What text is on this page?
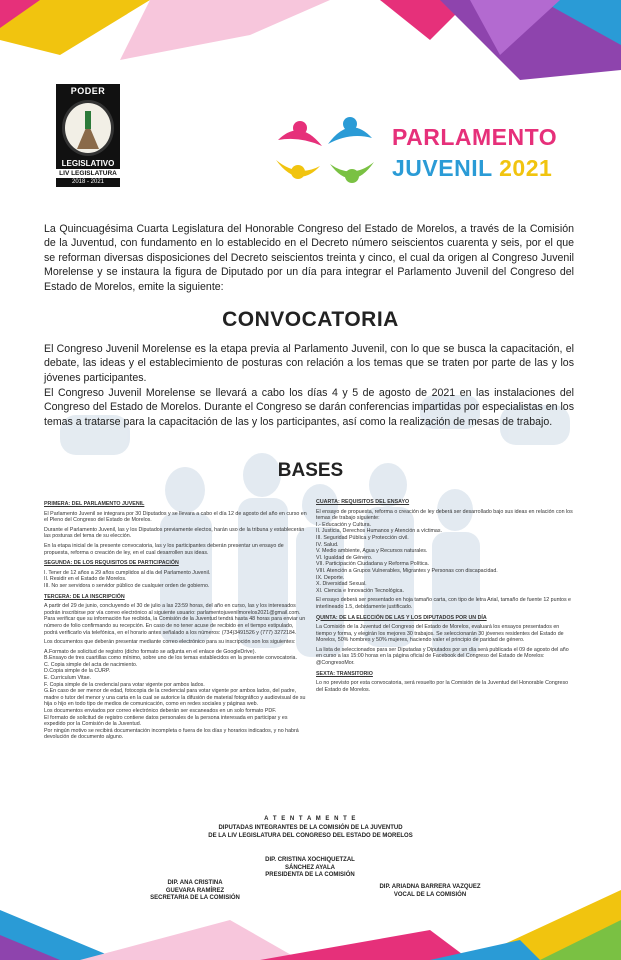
PODER
LEGISLATIVO
LIV LEGISLATURA
2018 - 2021
PARLAMENTO
JUVENIL 2021
La Quincuagésima Cuarta Legislatura del Honorable Congreso del Estado de Morelos, a través de la Comisión de la Juventud, con fundamento en lo establecido en el Decreto número seiscientos cuarenta y seis, por el que se reforman diversas disposiciones del Decreto seiscientos treinta y cinco, el cual da origen al Congreso Juvenil Morelense y se instaura la figura de Diputado por un día para integrar el Parlamento Juvenil del Congreso del Estado de Morelos, emite la siguiente:
CONVOCATORIA
El Congreso Juvenil Morelense es la etapa previa al Parlamento Juvenil, con lo que se busca la capacitación, el debate, las ideas y el establecimiento de posturas con relación a los temas que se traten por parte de las y los jóvenes participantes.
El Congreso Juvenil Morelense se llevará a cabo los días 4 y 5 de agosto de 2021 en las instalaciones del Congreso del Estado de Morelos. Durante el Congreso se darán conferencias impartidas por especialistas en los temas a tratarse para la capacitación de las y los participantes, así como la realización de mesas de trabajo.
BASES
PRIMERA: DEL PARLAMENTO JUVENIL
El Parlamento Juvenil se integrara por 30 Diputados y se llevara a cabo el día 12 de agosto del año en curso en el Pleno del Congreso del Estado de Morelos.
Durante el Parlamento Juvenil, las y los Diputados previamente electos, harán uso de la tribuna y establecerán las posturas del tema de su elección.
En la etapa inicial de la presente convocatoria, las y los participantes deberán presentar un ensayo de propuesta, reforma o creación de ley, en el cual desarrollen sus ideas.
SEGUNDA: DE LOS REQUISITOS DE PARTICIPACIÓN
I. Tener de 12 años a 29 años cumplidos al día del Parlamento Juvenil.
II. Residir en el Estado de Morelos.
III. No ser servidora o servidor público de cualquier orden de gobierno.
TERCERA: DE LA INSCRIPCIÓN
A partir del 29 de junio, concluyendo el 30 de julio a las 23:59 horas, del año en curso, las y los interesados podrán inscribirse por vía correo electrónico al siguiente usuario: parlamentojuvenilmorelos2021@gmail.com. Para verificar que su información fue recibida, la Comisión de la Juventud tendrá hasta 48 horas para enviar un número de folio confirmando su recepción. En caso de no tener acuse de recibido en el tiempo estipulado, podrá verificarlo vía telefónica, en el horario antes señalado a los números: (734)3491526 y (777) 3272184.
Los documentos que deberán presentar mediante correo electrónico para su inscripción son los siguientes:
A.Formato de solicitud de registro (dicho formato se adjunta en el enlace de GoogleDrive).
B.Ensayo de tres cuartillas como mínimo, sobre uno de los temas establecidos en la presente convocatoria.
C. Copia simple del acta de nacimiento.
D.Copia simple de la CURP.
E. Curriculum Vitae.
F. Copia simple de la credencial para votar vigente por ambos lados.
G.En caso de ser menor de edad, fotocopia de la credencial para votar vigente por ambos lados, del padre, madre o tutor del menor y una carta en la cual se autorice la difusión de material fotográfico y audiovisual de su hija o hijo en todo tipo de medios de comunicación, como en redes sociales y páginas web.
Los documentos enviados por correo electrónico deberán ser escaneados en un solo formato PDF.
El formato de solicitud de registro contiene datos personales de la persona interesada en participar y es expedido por la Comisión de la Juventud.
Por ningún motivo se recibirá documentación incompleta o fuera de los días y horarios indicados, y no habrá devolución de documento alguno.
CUARTA: REQUISITOS DEL ENSAYO
El ensayo de propuesta, reforma o creación de ley deberá ser desarrollado bajo sus ideas en relación con los temas de trabajo siguiente:
I.- Educación y Cultura.
II. Justicia, Derechos Humanos y Atención a víctimas.
III. Seguridad Pública y Protección civil.
IV. Salud.
V. Medio ambiente, Agua y Recursos naturales.
VI. Igualdad de Género.
VII. Participación Ciudadana y Reforma Política.
VIII. Atención a Grupos Vulnerables, Migrantes y Personas con discapacidad.
IX. Deporte.
X. Diversidad Sexual.
XI. Ciencia e Innovación Tecnológica.
El ensayo deberá ser presentado en hoja tamaño carta, con tipo de letra Arial, tamaño de fuente 12 puntos e interlineado 1.5, debidamente justificado.
QUINTA: DE LA ELECCIÓN DE LAS Y LOS DIPUTADOS POR UN DÍA
La Comisión de la Juventud del Congreso del Estado de Morelos, evaluará los ensayos presentados en tiempo y forma, y elegirán los mejores 30 trabajos. Se seleccionarán 30 jóvenes residentes del Estado de Morelos, 50% hombres y 50% mujeres, haciendo valer el principio de paridad de género.
La lista de seleccionados para ser Diputadas y Diputados por un día será publicada el 09 de agosto del año en curso a las 15:00 horas en la página oficial de Facebook del Congreso del Estado de Morelos: @CongresoMor.
SEXTA: TRANSITORIO
Lo no previsto por esta convocatoria, será resuelto por la Comisión de la Juventud del Honorable Congreso del Estado de Morelos.
A T E N T A M E N T E
DIPUTADAS INTEGRANTES DE LA COMISIÓN DE LA JUVENTUD
DE LA LIV LEGISLATURA DEL CONGRESO DEL ESTADO DE MORELOS
DIP. CRISTINA XOCHIQUETZAL
SÁNCHEZ AYALA
PRESIDENTA DE LA COMISIÓN
DIP. ANA CRISTINA
GUEVARA RAMÍREZ
SECRETARIA DE LA COMISIÓN
DIP. ARIADNA BARRERA VAZQUEZ
VOCAL DE LA COMISIÓN
